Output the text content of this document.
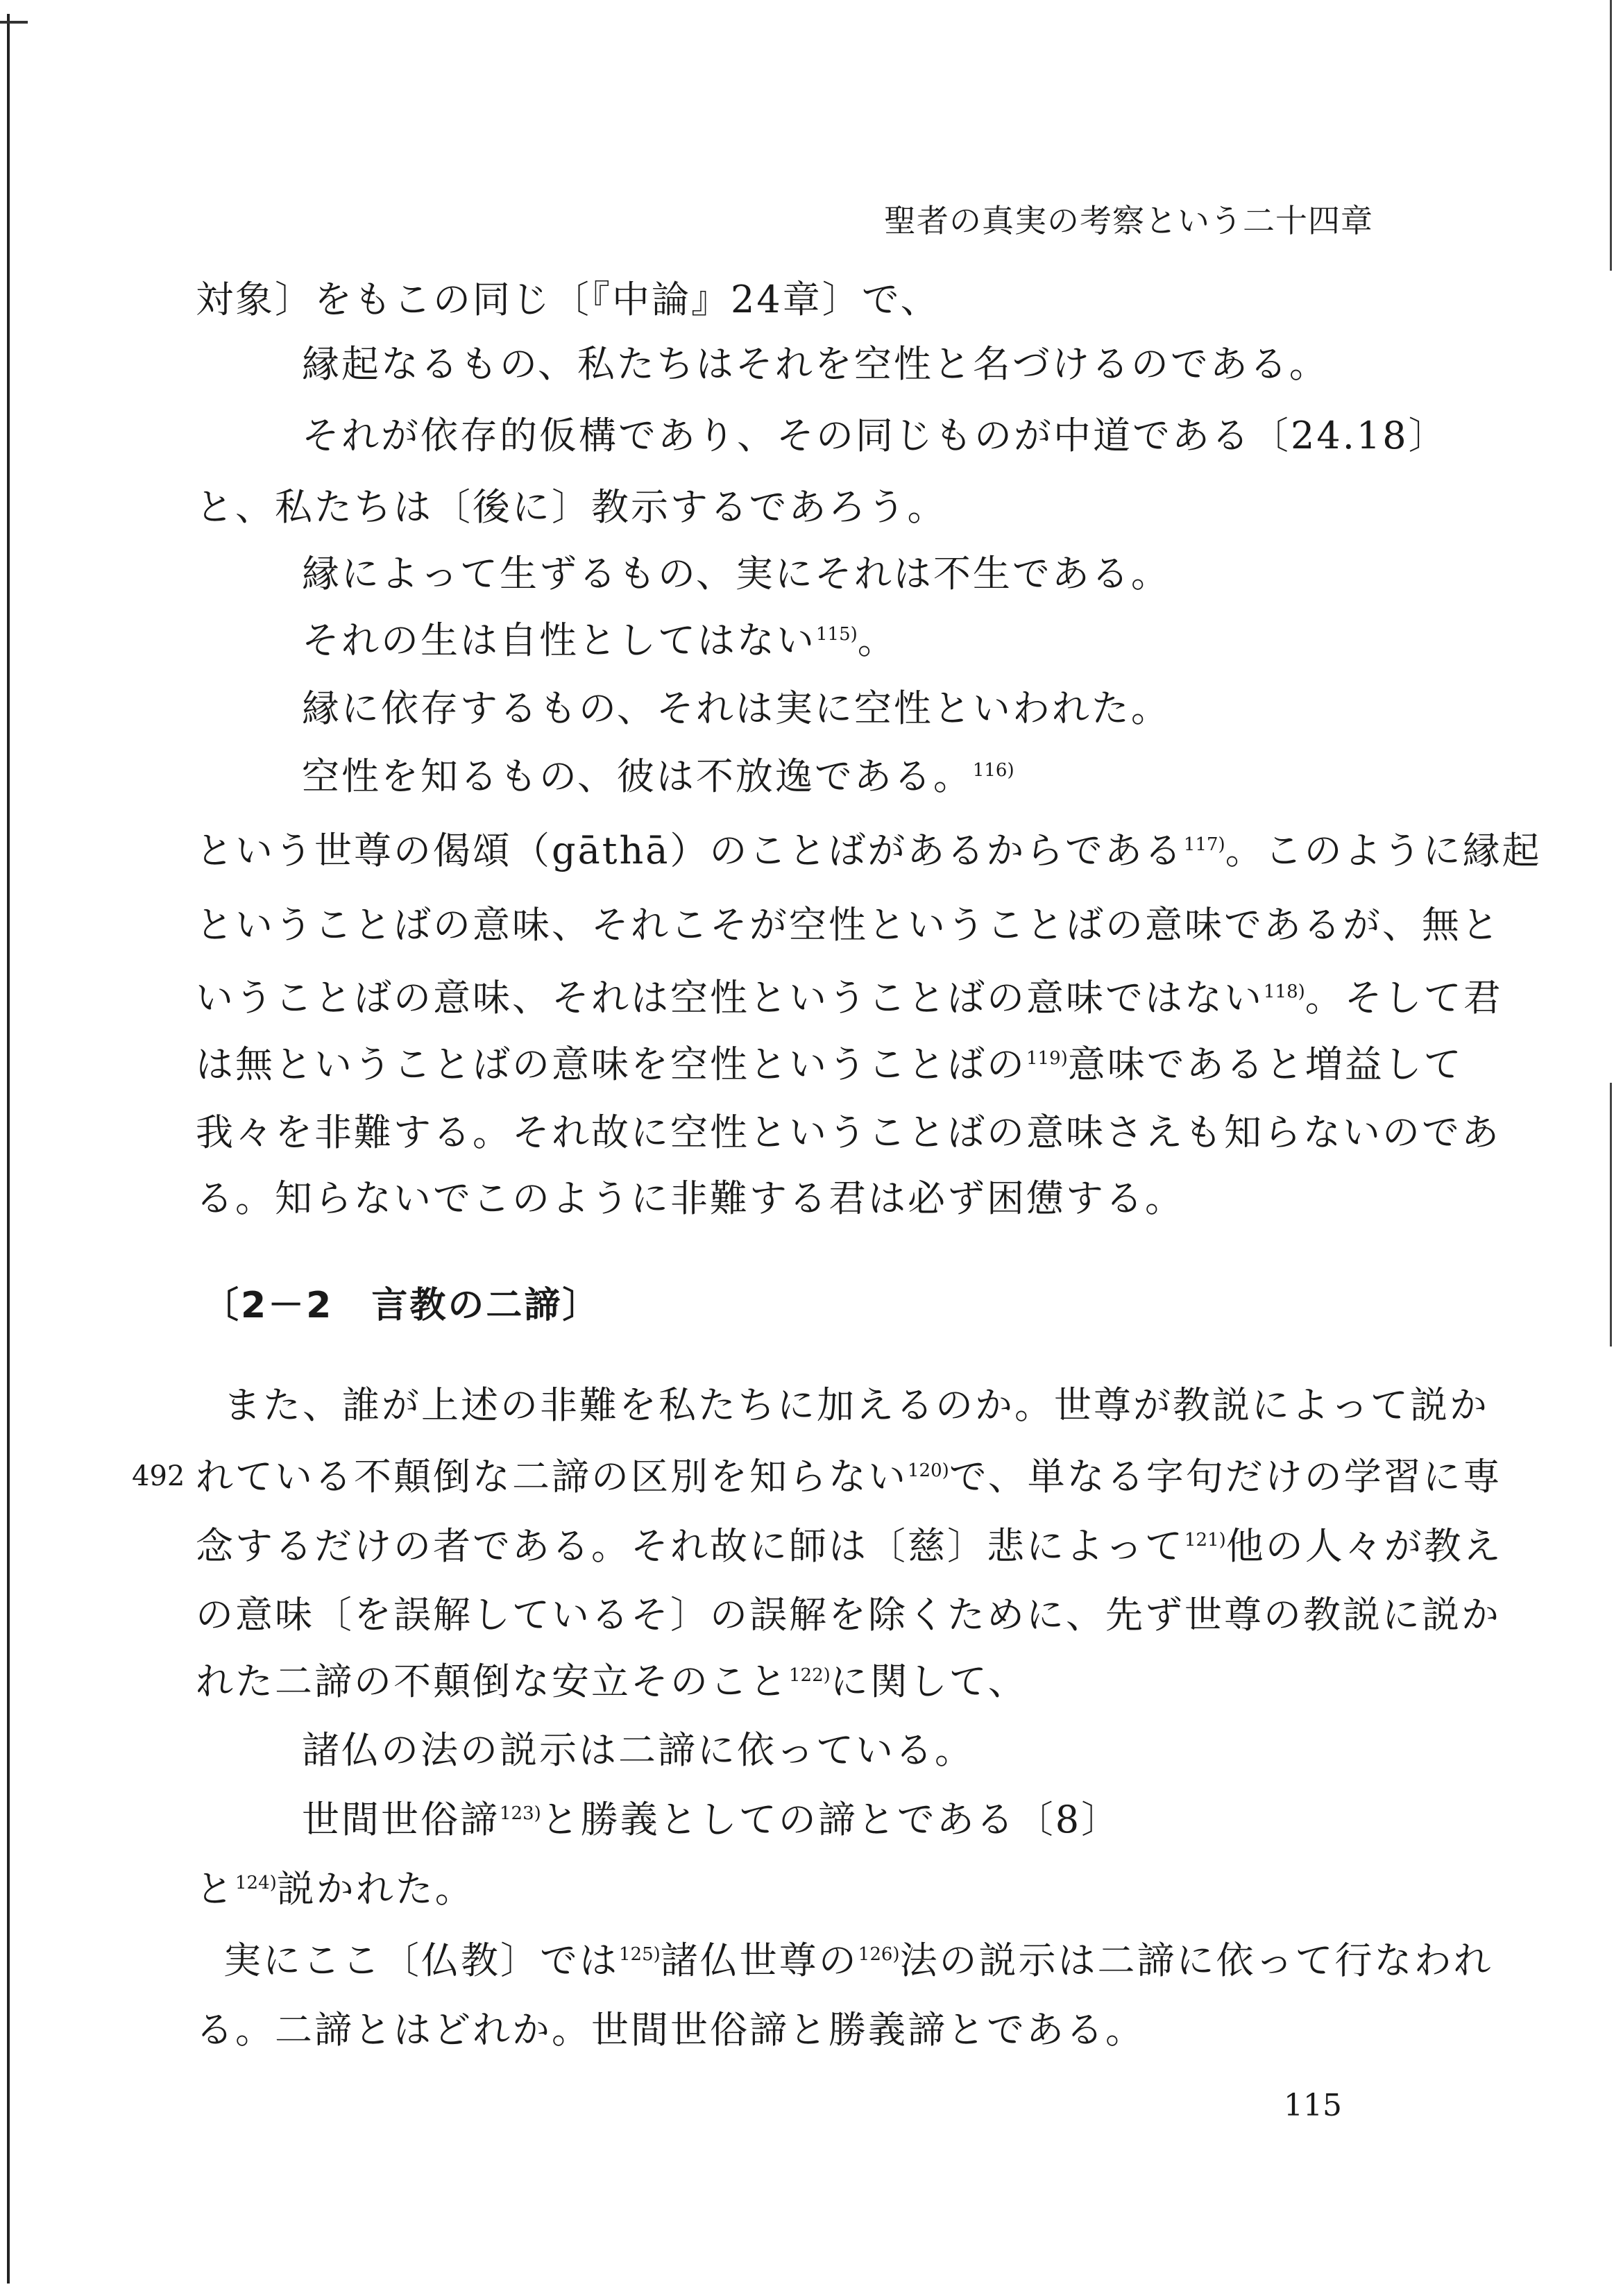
聖者の真実の考察という二十四章
対象〕をもこの同じ〔『中論』24章〕で、
縁起なるもの、私たちはそれを空性と名づけるのである。
それが依存的仮構であり、その同じものが中道である〔24.18〕
と、私たちは〔後に〕教示するであろう。
縁によって生ずるもの、実にそれは不生である。
それの生は自性としてはない$^{115)}$。
縁に依存するもの、それは実に空性といわれた。
空性を知るもの、彼は不放逸である。$^{116)}$
という世尊の偈頌（gāthā）のことばがあるからである$^{117)}$。このように縁起
ということばの意味、それこそが空性ということばの意味であるが、無と
いうことばの意味、それは空性ということばの意味ではない$^{118)}$。そして君
は無ということばの意味を空性ということばの$^{119)}$意味であると増益して
我々を非難する。それ故に空性ということばの意味さえも知らないのであ
る。知らないでこのように非難する君は必ず困憊する。
〔2－2　言教の二諦〕
また、誰が上述の非難を私たちに加えるのか。世尊が教説によって説か
492 れている不顛倒な二諦の区別を知らない$^{120)}$で、単なる字句だけの学習に専
念するだけの者である。それ故に師は〔慈〕悲によって$^{121)}$他の人々が教え
の意味〔を誤解しているそ〕の誤解を除くために、先ず世尊の教説に説か
れた二諦の不顛倒な安立そのこと$^{122)}$に関して、
諸仏の法の説示は二諦に依っている。
世間世俗諦$^{123)}$と勝義としての諦とである〔8〕
と$^{124)}$説かれた。
実にここ〔仏教〕では$^{125)}$諸仏世尊の$^{126)}$法の説示は二諦に依って行なわれ
る。二諦とはどれか。世間世俗諦と勝義諦とである。
115
